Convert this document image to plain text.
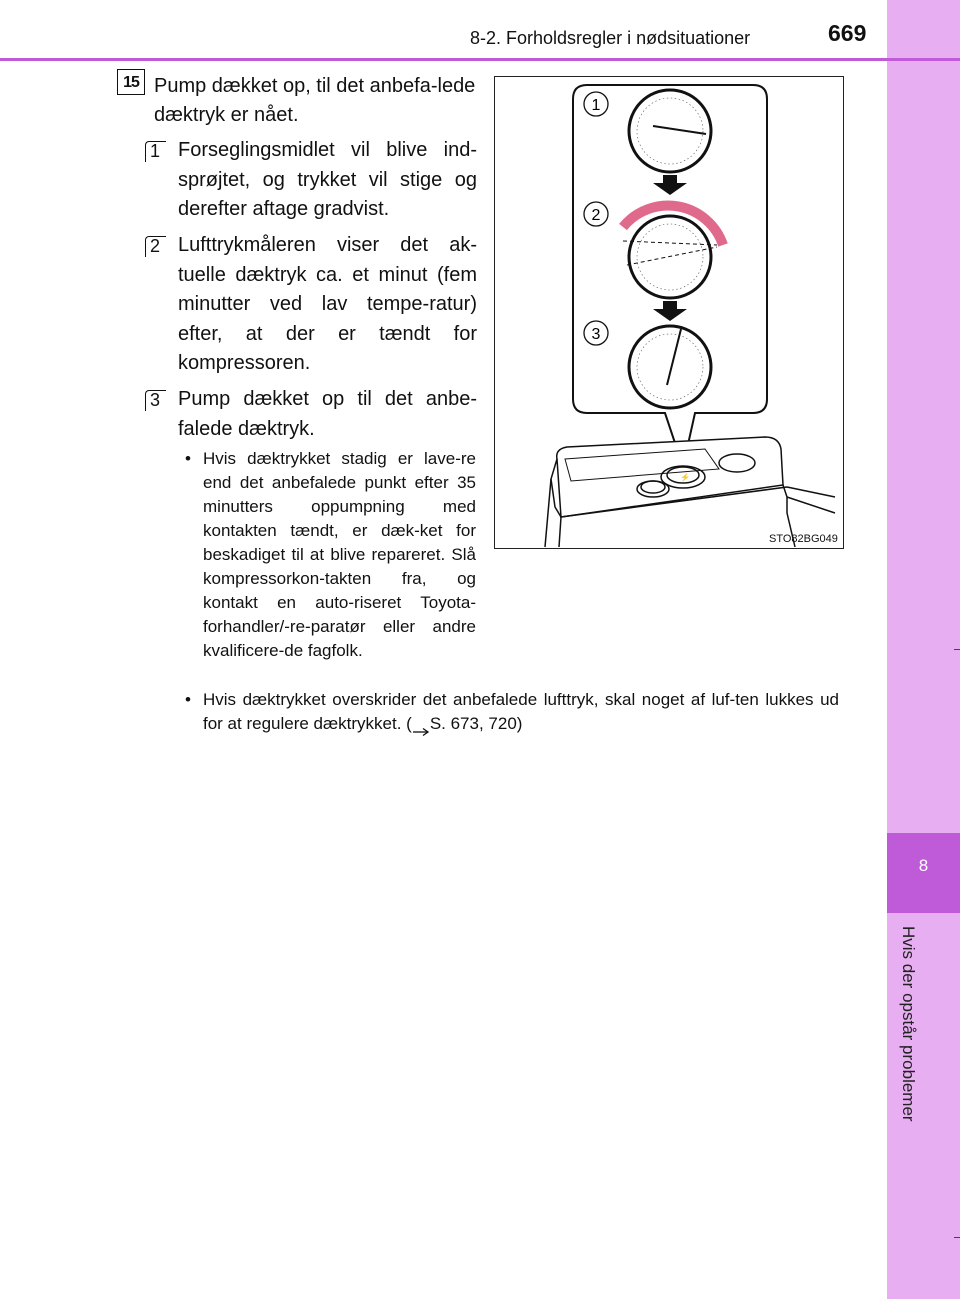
8
Hvis der opstår problemer
8-2. Forholdsregler i nødsituationer	669
15 Pump dækket op, til det anbefa-lede dæktryk er nået.
1 Forseglingsmidlet vil blive ind-sprøjtet, og trykket vil stige og derefter aftage gradvist.
2 Lufttrykmåleren viser det ak-tuelle dæktryk ca. et minut (fem minutter ved lav tempe-ratur) efter, at der er tændt for kompressoren.
3 Pump dækket op til det anbe-falede dæktryk.
• Hvis dæktrykket stadig er lave-re end det anbefalede punkt efter 35 minutters oppumpning med kontakten tændt, er dæk-ket for beskadiget til at blive repareret. Slå kompressorkon-takten fra, og kontakt en auto-riseret Toyota-forhandler/-re-paratør eller andre kvalificere-de fagfolk.
• Hvis dæktrykket overskrider det anbefalede lufttryk, skal noget af luf-ten lukkes ud for at regulere dæktrykket. ( S. 673, 720)
1
2
3
⚡
STO82BG049
